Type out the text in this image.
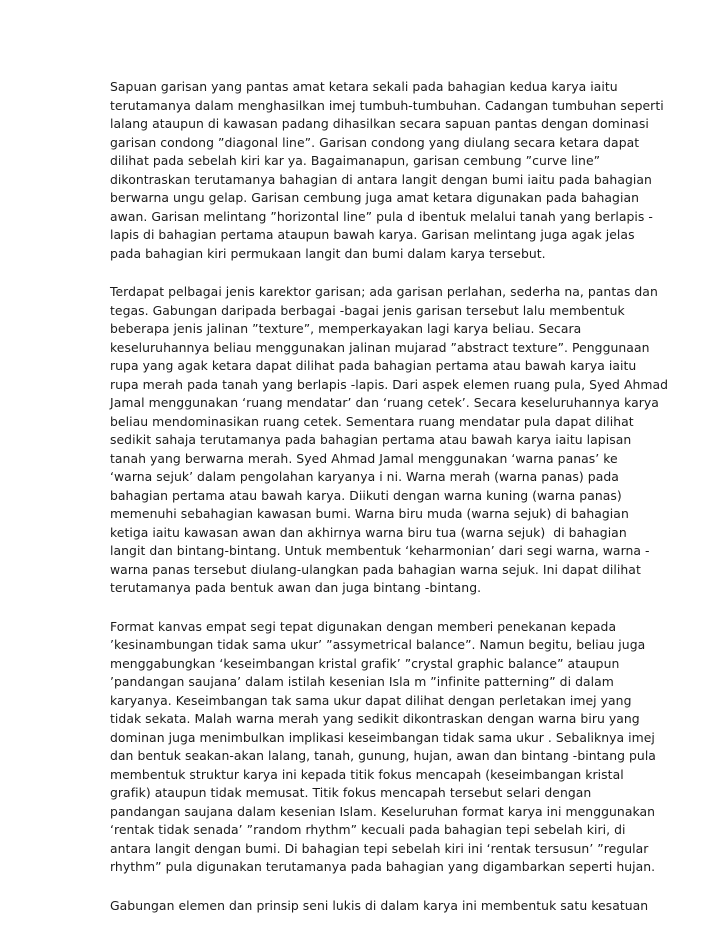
Sapuan garisan yang pantas amat ketara sekali pada bahagian kedua karya iaitu
terutamanya dalam menghasilkan imej tumbuh-tumbuhan. Cadangan tumbuhan seperti
lalang ataupun di kawasan padang dihasilkan secara sapuan pantas dengan dominasi
garisan condong ”diagonal line”. Garisan condong yang diulang secara ketara dapat
dilihat pada sebelah kiri kar ya. Bagaimanapun, garisan cembung ”curve line”
dikontraskan terutamanya bahagian di antara langit dengan bumi iaitu pada bahagian
berwarna ungu gelap. Garisan cembung juga amat ketara digunakan pada bahagian
awan. Garisan melintang ”horizontal line” pula d ibentuk melalui tanah yang berlapis -
lapis di bahagian pertama ataupun bawah karya. Garisan melintang juga agak jelas
pada bahagian kiri permukaan langit dan bumi dalam karya tersebut.
Terdapat pelbagai jenis karektor garisan; ada garisan perlahan, sederha na, pantas dan
tegas. Gabungan daripada berbagai -bagai jenis garisan tersebut lalu membentuk
beberapa jenis jalinan ”texture”, memperkayakan lagi karya beliau. Secara
keseluruhannya beliau menggunakan jalinan mujarad ”abstract texture”. Penggunaan
rupa yang agak ketara dapat dilihat pada bahagian pertama atau bawah karya iaitu
rupa merah pada tanah yang berlapis -lapis. Dari aspek elemen ruang pula, Syed Ahmad
Jamal menggunakan ‘ruang mendatar’ dan ‘ruang cetek’. Secara keseluruhannya karya
beliau mendominasikan ruang cetek. Sementara ruang mendatar pula dapat dilihat
sedikit sahaja terutamanya pada bahagian pertama atau bawah karya iaitu lapisan
tanah yang berwarna merah. Syed Ahmad Jamal menggunakan ‘warna panas’ ke
‘warna sejuk’ dalam pengolahan karyanya i ni. Warna merah (warna panas) pada
bahagian pertama atau bawah karya. Diikuti dengan warna kuning (warna panas)
memenuhi sebahagian kawasan bumi. Warna biru muda (warna sejuk) di bahagian
ketiga iaitu kawasan awan dan akhirnya warna biru tua (warna sejuk)  di bahagian
langit dan bintang-bintang. Untuk membentuk ‘keharmonian’ dari segi warna, warna -
warna panas tersebut diulang-ulangkan pada bahagian warna sejuk. Ini dapat dilihat
terutamanya pada bentuk awan dan juga bintang -bintang.
Format kanvas empat segi tepat digunakan dengan memberi penekanan kepada
’kesinambungan tidak sama ukur’ ”assymetrical balance”. Namun begitu, beliau juga
menggabungkan ‘keseimbangan kristal grafik’ ”crystal graphic balance” ataupun
’pandangan saujana’ dalam istilah kesenian Isla m ”infinite patterning” di dalam
karyanya. Keseimbangan tak sama ukur dapat dilihat dengan perletakan imej yang
tidak sekata. Malah warna merah yang sedikit dikontraskan dengan warna biru yang
dominan juga menimbulkan implikasi keseimbangan tidak sama ukur . Sebaliknya imej
dan bentuk seakan-akan lalang, tanah, gunung, hujan, awan dan bintang -bintang pula
membentuk struktur karya ini kepada titik fokus mencapah (keseimbangan kristal
grafik) ataupun tidak memusat. Titik fokus mencapah tersebut selari dengan
pandangan saujana dalam kesenian Islam. Keseluruhan format karya ini menggunakan
‘rentak tidak senada’ ”random rhythm” kecuali pada bahagian tepi sebelah kiri, di
antara langit dengan bumi. Di bahagian tepi sebelah kiri ini ‘rentak tersusun’ ”regular
rhythm” pula digunakan terutamanya pada bahagian yang digambarkan seperti hujan.
Gabungan elemen dan prinsip seni lukis di dalam karya ini membentuk satu kesatuan
